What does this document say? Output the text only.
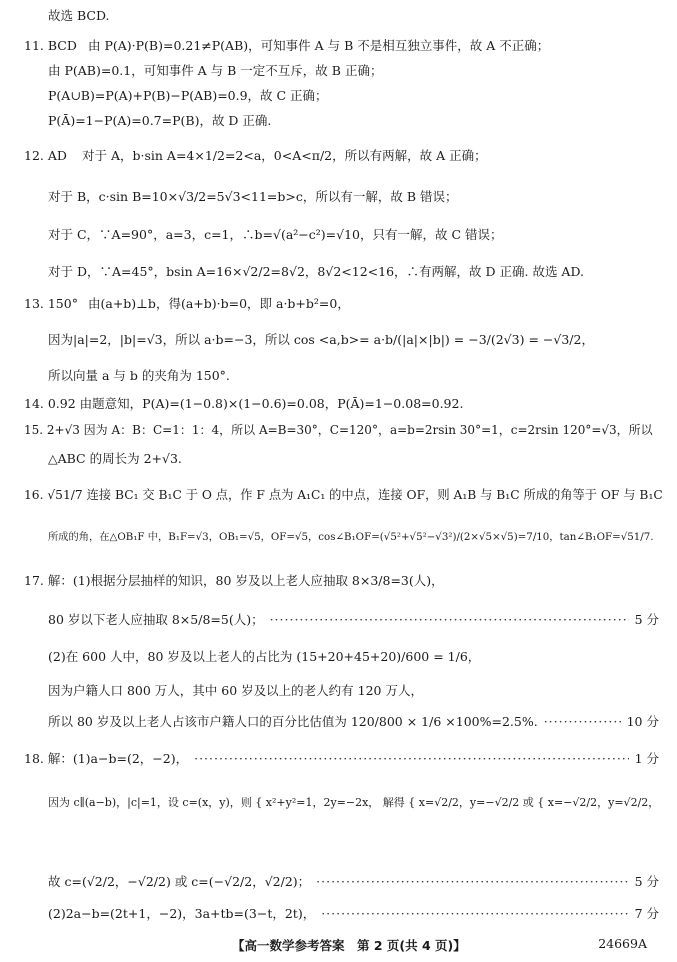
故选 BCD.
11. BCD 由 P(A)·P(B)=0.21≠P(AB)，可知事件 A 与 B 不是相互独立事件，故 A 不正确；
由 P(AB)=0.1，可知事件 A 与 B 一定不互斥，故 B 正确；
P(A∪B)=P(A)+P(B)−P(AB)=0.9，故 C 正确；
P(Ā)=1−P(A)=0.7=P(B)，故 D 正确.
12. AD 对于 A，b·sin A=4×1/2=2<a，0<A<π/2，所以有两解，故 A 正确；
对于 B，c·sin B=10×√3/2=5√3<11=b>c，所以有一解，故 B 错误；
对于 C，∵A=90°，a=3，c=1，∴b=√(a²−c²)=√10，只有一解，故 C 错误；
对于 D，∵A=45°，bsin A=16×√2/2=8√2，8√2<12<16，∴有两解，故 D 正确. 故选 AD.
13. 150° 由(a+b)⊥b，得(a+b)·b=0，即 a·b+b²=0，
因为|a|=2，|b|=√3，所以 a·b=−3，所以 cos <a,b>= a·b/(|a|×|b|) = −3/(2√3) = −√3/2，
所以向量 a 与 b 的夹角为 150°.
14. 0.92 由题意知，P(A)=(1−0.8)×(1−0.6)=0.08，P(Ā)=1−0.08=0.92.
15. 2+√3 因为 A：B：C=1：1：4，所以 A=B=30°，C=120°，a=b=2rsin 30°=1，c=2rsin 120°=√3，所以
△ABC 的周长为 2+√3.
16. √51/7 连接 BC₁ 交 B₁C 于 O 点，作 F 点为 A₁C₁ 的中点，连接 OF，则 A₁B 与 B₁C 所成的角等于 OF 与 B₁C
所成的角，在△OB₁F 中，B₁F=√3，OB₁=√5，OF=√5，cos∠B₁OF=(√5²+√5²−√3²)/(2×√5×√5)=7/10，tan∠B₁OF=√51/7.
17. 解：(1)根据分层抽样的知识，80 岁及以上老人应抽取 8×3/8=3(人)，
80 岁以下老人应抽取 8×5/8=5(人)； ·····	5 分
(2)在 600 人中，80 岁及以上老人的占比为 (15+20+45+20)/600 = 1/6，
因为户籍人口 800 万人，其中 60 岁及以上的老人约有 120 万人，
所以 80 岁及以上老人占该市户籍人口的百分比估值为 120/800 × 1/6 ×100%=2.5%. ·····	10 分
18. 解：(1)a−b=(2，−2)， ·····	1 分
因为 c∥(a−b)，|c|=1，设 c=(x，y)，则 { x²+y²=1，2y=−2x， 解得 { x=√2/2，y=−√2/2 或 { x=−√2/2，y=√2/2，
故 c=(√2/2，−√2/2) 或 c=(−√2/2，√2/2)； ·····	5 分
(2)2a−b=(2t+1，−2)，3a+tb=(3−t，2t)， ·····	7 分
【高一数学参考答案　第 2 页(共 4 页)】	24669A
